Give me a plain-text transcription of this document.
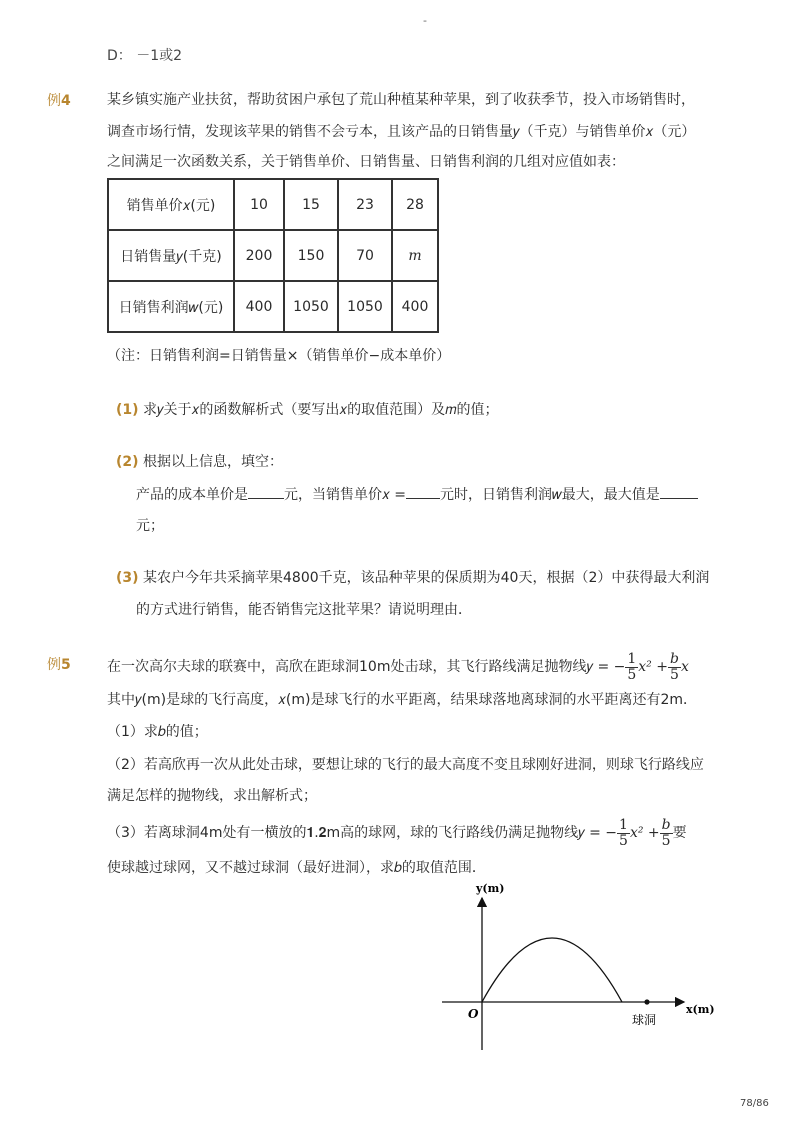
-
D： －1或2
例4	某乡镇实施产业扶贫，帮助贫困户承包了荒山种植某种苹果，到了收获季节，投入市场销售时，
调查市场行情，发现该苹果的销售不会亏本，且该产品的日销售量𝑦（千克）与销售单价𝑥（元）
之间满足一次函数关系，关于销售单价、日销售量、日销售利润的几组对应值如表：
销售单价𝑥(元)	10	15	23	28
日销售量𝑦(千克)	200	150	70	𝑚
日销售利润𝑤(元)	400	1050	1050	400
（注：日销售利润=日销售量×（销售单价−成本单价）
(1) 求𝑦关于𝑥的函数解析式（要写出𝑥的取值范围）及𝑚的值；
(2) 根据以上信息，填空：
产品的成本单价是	元，当销售单价𝑥 = 元时，日销售利润𝑤最大，最大值是
元；
(3) 某农户今年共采摘苹果4800千克，该品种苹果的保质期为40天，根据（2）中获得最大利润
的方式进行销售，能否销售完这批苹果？请说明理由．
例5	在一次高尔夫球的联赛中，高欣在距球洞10m处击球，其飞行路线满足抛物线𝑦 = − $\frac{1}{5}$ 𝑥² + $\frac{\text{𝑏}}{5}$ 𝑥
其中𝑦(m)是球的飞行高度，𝑥(m)是球飞行的水平距离，结果球落地离球洞的水平距离还有2m．
（1）求𝑏的值；
（2）若高欣再一次从此处击球，要想让球的飞行的最大高度不变且球刚好进洞，则球飞行路线应
满足怎样的抛物线，求出解析式；
（3）若离球洞4m处有一横放的𝟏.𝟐m高的球网，球的飞行路线仍满足抛物线𝑦 = − $\frac{1}{5}$ 𝑥² + $\frac{\text{𝑏}}{5}$ 要
使球越过球网，又不越过球洞（最好进洞），求𝑏的取值范围．
y(m)
x(m)
O	球洞
78/86
